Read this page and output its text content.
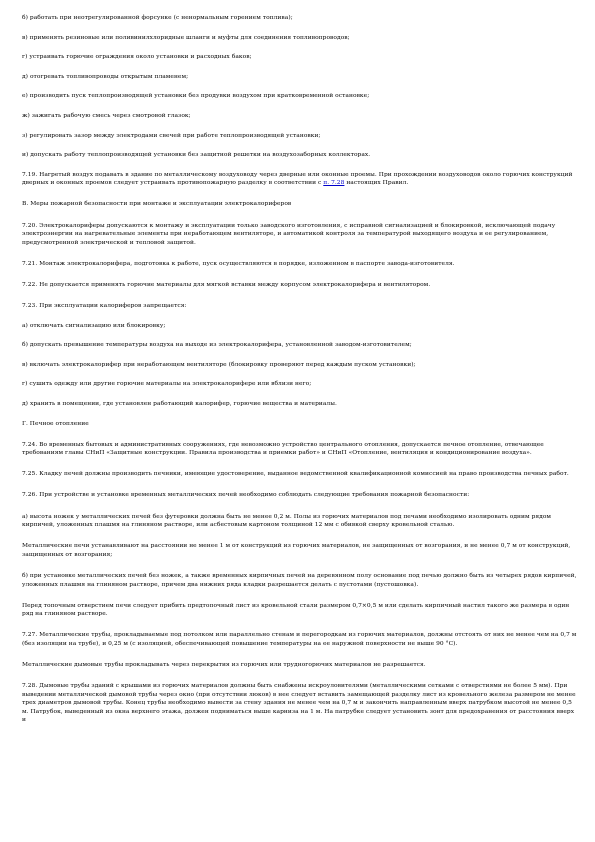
б) работать при неотрегулированной форсунке (с ненормальным горением топлива);

в) применять резиновые или поливинилхлоридные шланги и муфты для соединения топливопроводов;

г) устраивать горючие ограждения около установки и расходных баков;

д) отогревать топливопроводы открытым пламенем;

е) производить пуск теплопроизводящей установки без продувки воздухом при кратковременной остановке;

ж) зажигать рабочую смесь через смотровой глазок;

з) регулировать зазор между электродами свечей при работе теплопроизводящей установки;

и) допускать работу теплопроизводящей установки без защитной решетки на воздухозаборных коллекторах.

7.19. Нагретый воздух подавать в здание по металлическому воздуховоду через дверные или оконные проемы. При прохождении воздуховодов около горючих конструкций дверных и оконных проемов следует устраивать противопожарную разделку в соответствии с п. 7.28 настоящих Правил.

В. Меры пожарной безопасности при монтаже и эксплуатации электрокалориферов

7.20. Электрокалориферы допускаются к монтажу и эксплуатации только заводского изготовления, с исправной сигнализацией и блокировкой, исключающей подачу электроэнергии на нагревательные элементы при неработающем вентиляторе, и автоматикой контроля за температурой выходящего воздуха и ее регулированием, предусмотренной электрической и тепловой защитой.

7.21. Монтаж электрокалорифера, подготовка к работе, пуск осуществляются в порядке, изложенном в паспорте завода-изготовителя.

7.22. Не допускается применять горючие материалы для мягкой вставки между корпусом электрокалорифера и вентилятором.

7.23. При эксплуатации калориферов запрещается:

а) отключать сигнализацию или блокировку;

б) допускать превышение температуры воздуха на выходе из электрокалорифера, установленной заводом-изготовителем;

в) включать электрокалорифер при неработающем вентиляторе (блокировку проверяют перед каждым пуском установки);

г) сушить одежду или другие горючие материалы на электрокалорифере или вблизи него;

д) хранить в помещении, где установлен работающий калорифер, горючие вещества и материалы.

Г. Печное отопление

7.24. Во временных бытовых и административных сооружениях, где невозможно устройство центрального отопления, допускается печное отопление, отвечающее требованиям главы СНиП «Защитные конструкции. Правила производства и приемки работ» и СНиП «Отопление, вентиляция и кондиционирование воздуха».

7.25. Кладку печей должны производить печники, имеющие удостоверение, выданное ведомственной квалификационной комиссией на право производства печных работ.

7.26. При устройстве и установке временных металлических печей необходимо соблюдать следующие требования пожарной безопасности:

а) высота ножек у металлических печей без футеровки должна быть не менее 0,2 м. Полы из горючих материалов под печами необходимо изолировать одним рядом кирпичей, уложенных плашмя на глиняном растворе, или асбестовым картоном толщиной 12 мм с обивкой сверху кровельной сталью.

Металлические печи устанавливают на расстоянии не менее 1 м от конструкций из горючих материалов, не защищенных от возгорания, и не менее 0,7 м от конструкций, защищенных от возгорания;

б) при установке металлических печей без ножек, а также временных кирпичных печей на деревянном полу основание под печью должно быть из четырех рядов кирпичей, уложенных плашмя на глиняном растворе, причем два нижних ряда кладки разрешается делать с пустотами (пустошовка).

Перед топочным отверстием печи следует прибить предтопочный лист из кровельной стали размером 0,7×0,5 м или сделать кирпичный настил такого же размера в один ряд на глиняном растворе.

7.27. Металлические трубы, прокладываемые под потолком или параллельно стенам и перегородкам из горючих материалов, должны отстоять от них не менее чем на 0,7 м (без изоляции на трубе), и 0,25 м (с изоляцией, обеспечивающей повышение температуры на ее наружной поверхности не выше 90 °C).

Металлические дымовые трубы прокладывать через перекрытия из горючих или трудногорючих материалов не разрешается.

7.28. Дымовые трубы зданий с крышами из горючих материалов должны быть снабжены искроуловителями (металлическими сетками с отверстиями не более 5 мм). При выведении металлической дымовой трубы через окно (при отсутствии люков) в нее следует вставить замещающей разделку лист из кровельного железа размером не менее трех диаметров дымовой трубы. Конец трубы необходимо вывести за стену здания не менее чем на 0,7 м и закончить направленным вверх патрубком высотой не менее 0,5 м. Патрубок, выведенный из окна верхнего этажа, должен подниматься выше карниза на 1 м. На патрубке следует установить зонт для предохранения от расстояния вверх и
